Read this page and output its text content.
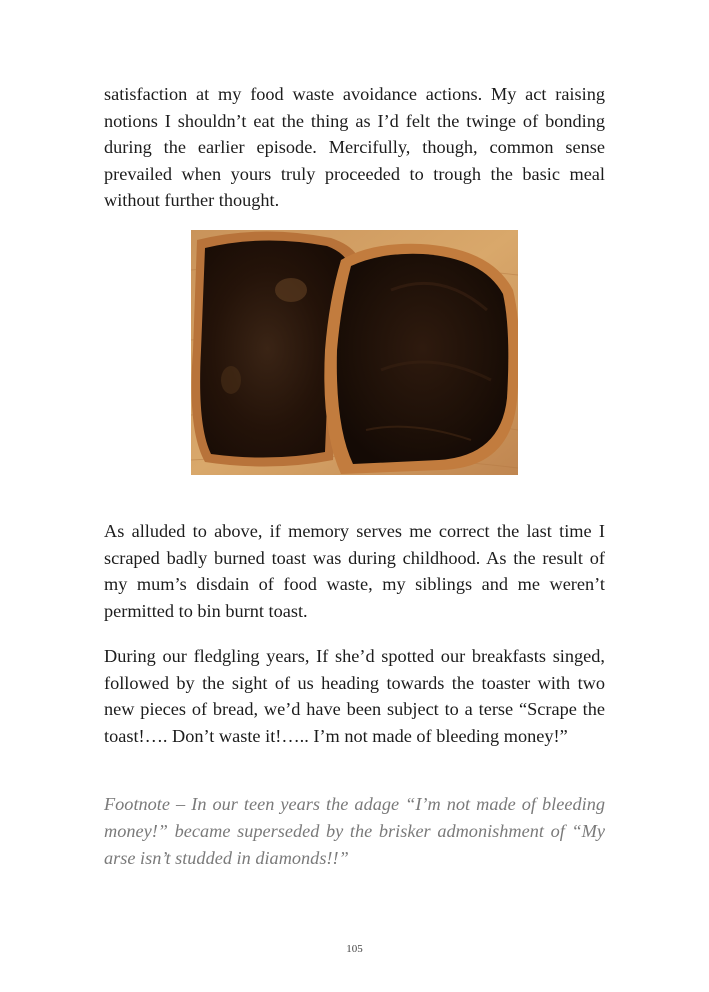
satisfaction at my food waste avoidance actions. My act raising notions I shouldn’t eat the thing as I’d felt the twinge of bonding during the earlier episode. Mercifully, though, common sense prevailed when yours truly proceeded to trough the basic meal without further thought.

As alluded to above, if memory serves me correct the last time I scraped badly burned toast was during childhood. As the result of my mum’s disdain of food waste, my siblings and me weren’t permitted to bin burnt toast.

During our fledgling years, If she’d spotted our breakfasts singed, followed by the sight of us heading towards the toaster with two new pieces of bread, we’d have been subject to a terse “Scrape the toast!…. Don’t waste it!….. I’m not made of bleeding money!”

Footnote – In our teen years the adage “I’m not made of bleeding money!” became superseded by the brisker admonishment of “My arse isn’t studded in diamonds!!”

105
